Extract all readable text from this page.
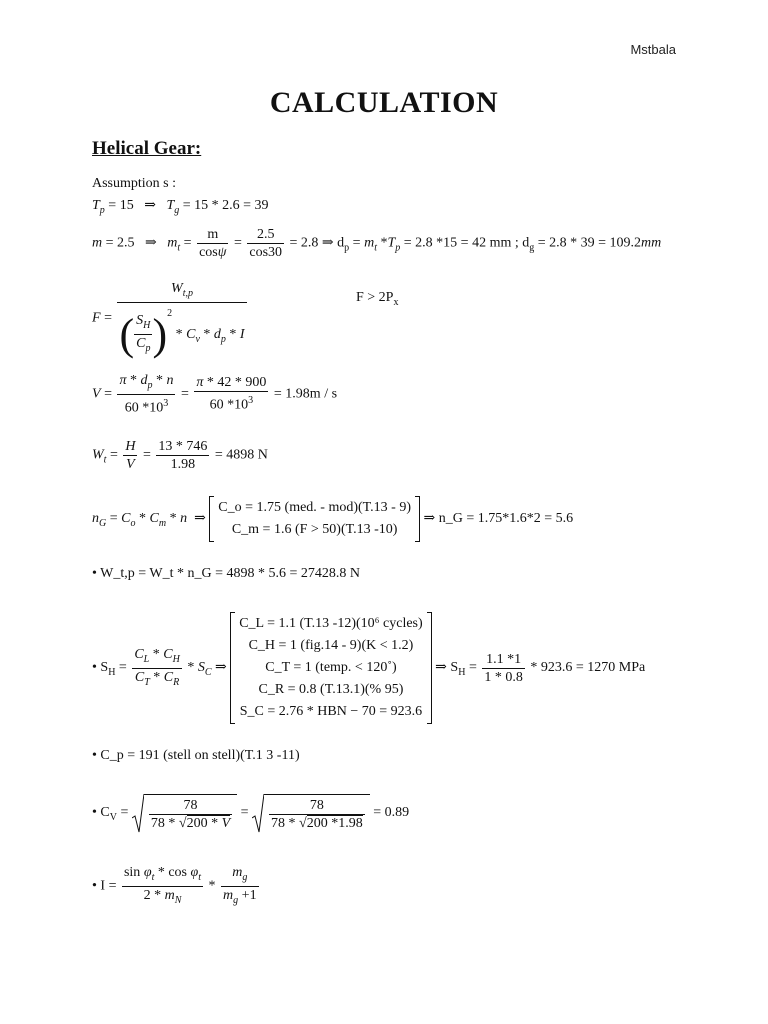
Mstbala
CALCULATION
Helical Gear:
Assumption s :
$T_p = 15$   ⇒   $T_g = 15 * 2.6 = 39$
m = 2.5   ⇒   $m_t = \frac{m}{\cos\psi} = \frac{2.5}{\cos 30} = 2.8$ ⇒ $d_p = m_t$ $*T_p = 2.8$ *15 = 42 mm ; $d_g = 2.8 * 39 = 109.2mm$
$F = \frac{W_{t,p}}{( \frac{S_H}{C_p} )^2 * C_v * d_p * I}$	$F > 2P_x$
$V = \frac{\pi * d_p * n}{60 *10^3} = \frac{\pi * 42 * 900}{60 *10^3} = 1.98m / s$
$W_t = \frac{H}{V} = \frac{13 * 746}{1.98} = 4898$ N
$n_G = C_o * C_m * n$  ⇒
C_o = 1.75 (med. - mod)(T.13 - 9)
C_m = 1.6 (F > 50)(T.13 -10)
⇒ n_G = 1.75*1.6*2 = 5.6
• W_t,p = W_t * n_G = 4898 * 5.6 = 27428.8 N
• $S_H = \frac{C_L * C_H}{C_T * C_R} * S_C$ ⇒
C_L = 1.1 (T.13 -12)(10⁶ cycles)
C_H = 1 (fig.14 - 9)(K < 1.2)
C_T = 1 (temp. < 120˚)
C_R = 0.8 (T.13.1)(% 95)
S_C = 2.76 * HBN − 70 = 923.6
⇒ $S_H = \frac{1.1 *1}{1 * 0.8} * 923.6 = 1270$ MPa
• C_p = 191 (stell on stell)(T.1 3 -11)
• $C_V = \frac{78}{78 * √200 * V} = \frac{78}{78 * √200 *1.98} = 0.89$
• $I = \frac{\sin \varphi_t * \cos \varphi_t}{2 * m_N} * \frac{m_g}{m_g +1}$
